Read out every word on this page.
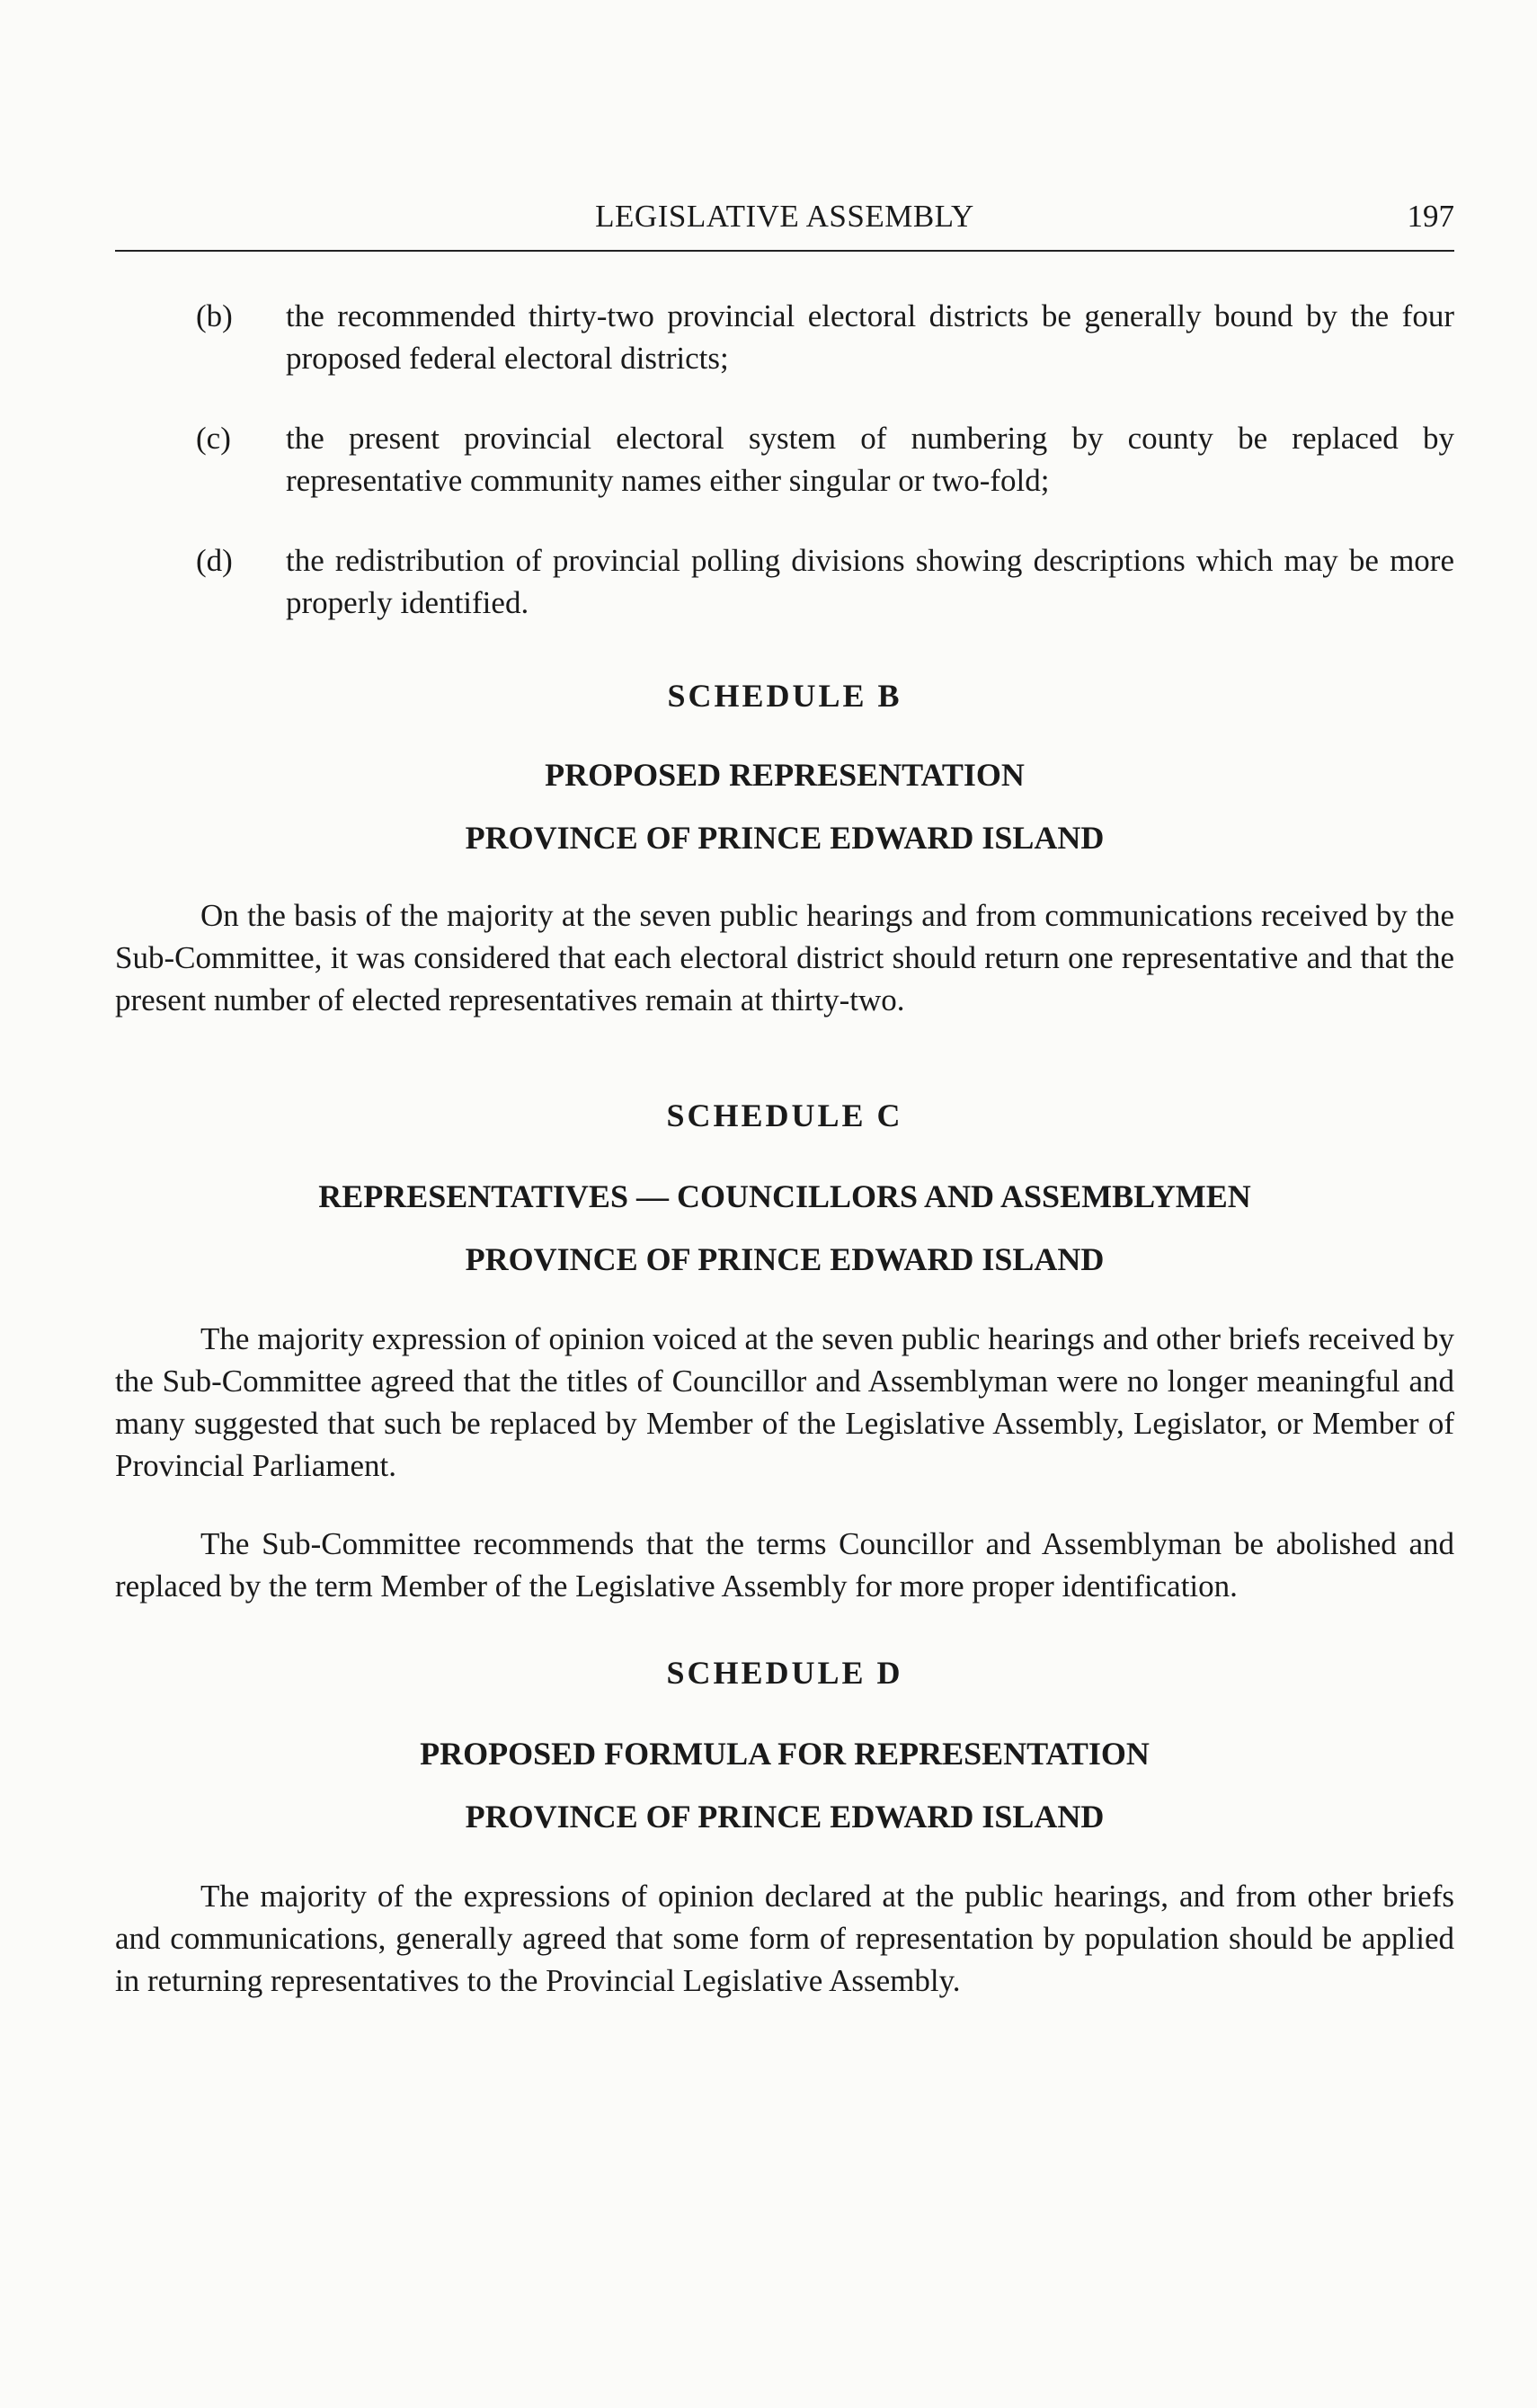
LEGISLATIVE ASSEMBLY	197
(b)	the recommended thirty-two provincial electoral districts be generally bound by the four proposed federal electoral districts;
(c)	the present provincial electoral system of numbering by county be replaced by representative community names either singular or two-fold;
(d)	the redistribution of provincial polling divisions showing descriptions which may be more properly identified.
SCHEDULE B
PROPOSED REPRESENTATION
PROVINCE OF PRINCE EDWARD ISLAND

On the basis of the majority at the seven public hearings and from communications received by the Sub-Committee, it was considered that each electoral district should return one representative and that the present number of elected representatives remain at thirty-two.

SCHEDULE C
REPRESENTATIVES — COUNCILLORS AND ASSEMBLYMEN
PROVINCE OF PRINCE EDWARD ISLAND

The majority expression of opinion voiced at the seven public hearings and other briefs received by the Sub-Committee agreed that the titles of Councillor and Assemblyman were no longer meaningful and many suggested that such be replaced by Member of the Legislative Assembly, Legislator, or Member of Provincial Parliament.

The Sub-Committee recommends that the terms Councillor and Assemblyman be abolished and replaced by the term Member of the Legislative Assembly for more proper identification.

SCHEDULE D
PROPOSED FORMULA FOR REPRESENTATION
PROVINCE OF PRINCE EDWARD ISLAND

The majority of the expressions of opinion declared at the public hearings, and from other briefs and communications, generally agreed that some form of representation by population should be applied in returning representatives to the Provincial Legislative Assembly.
